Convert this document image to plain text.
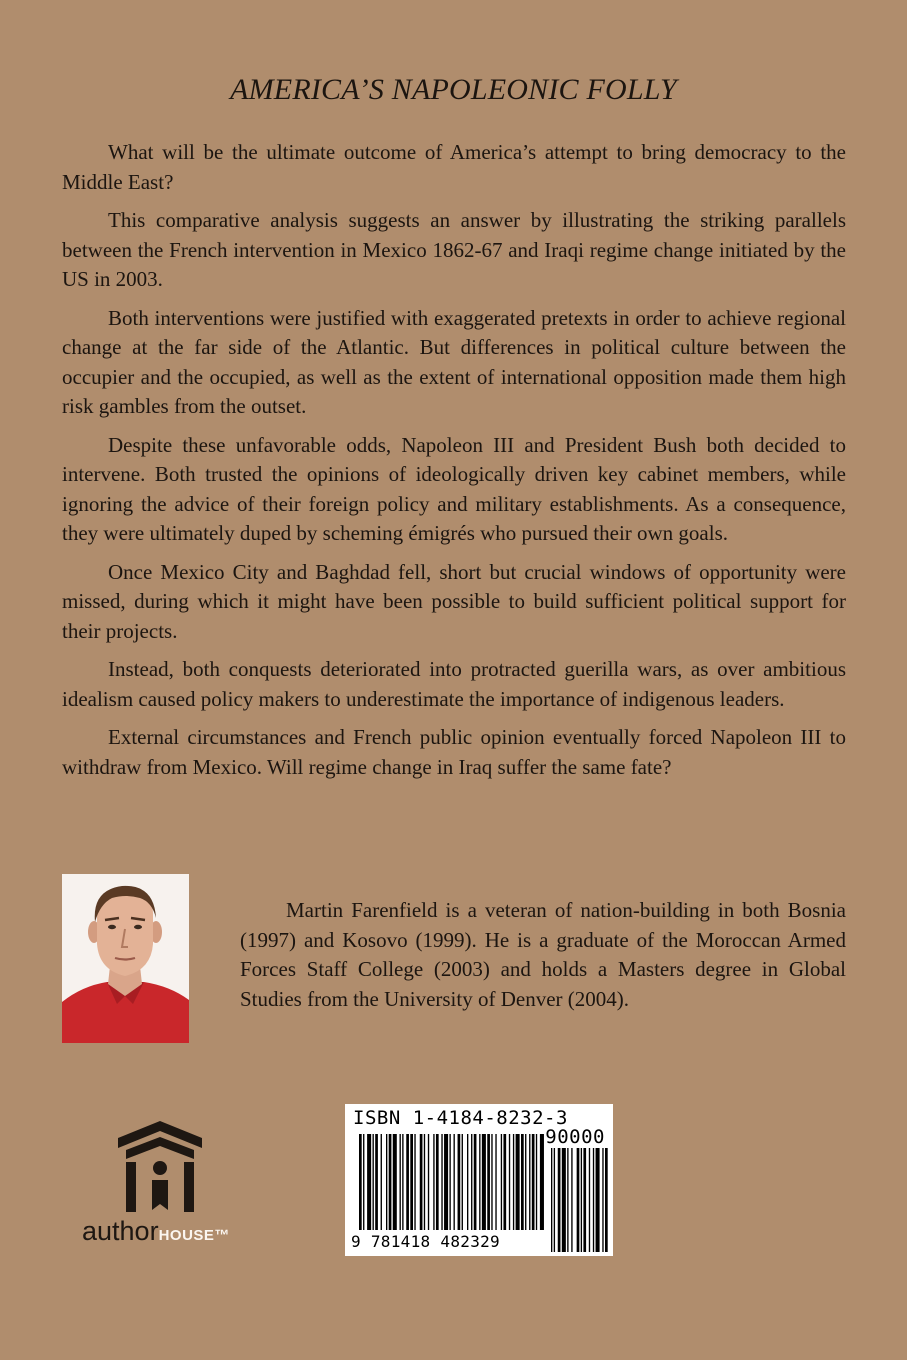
AMERICA’S NAPOLEONIC FOLLY

What will be the ultimate outcome of America’s attempt to bring democracy to the Middle East?

This comparative analysis suggests an answer by illustrating the striking parallels between the French intervention in Mexico 1862-67 and Iraqi regime change initiated by the US in 2003.

Both interventions were justified with exaggerated pretexts in order to achieve regional change at the far side of the Atlantic. But differences in political culture between the occupier and the occupied, as well as the extent of international opposition made them high risk gambles from the outset.

Despite these unfavorable odds, Napoleon III and President Bush both decided to intervene. Both trusted the opinions of ideologically driven key cabinet members, while ignoring the advice of their foreign policy and military establishments. As a consequence, they were ultimately duped by scheming émigrés who pursued their own goals.

Once Mexico City and Baghdad fell, short but crucial windows of opportunity were missed, during which it might have been possible to build sufficient political support for their projects.

Instead, both conquests deteriorated into protracted guerilla wars, as over ambitious idealism caused policy makers to underestimate the importance of indigenous leaders.

External circumstances and French public opinion eventually forced Napoleon III to withdraw from Mexico. Will regime change in Iraq suffer the same fate?

Martin Farenfield is a veteran of nation-building in both Bosnia (1997) and Kosovo (1999). He is a graduate of the Moroccan Armed Forces Staff College (2003) and holds a Masters degree in Global Studies from the University of Denver (2004).

authorHOUSE™
ISBN 1-4184-8232-3
90000
9 781418 482329
